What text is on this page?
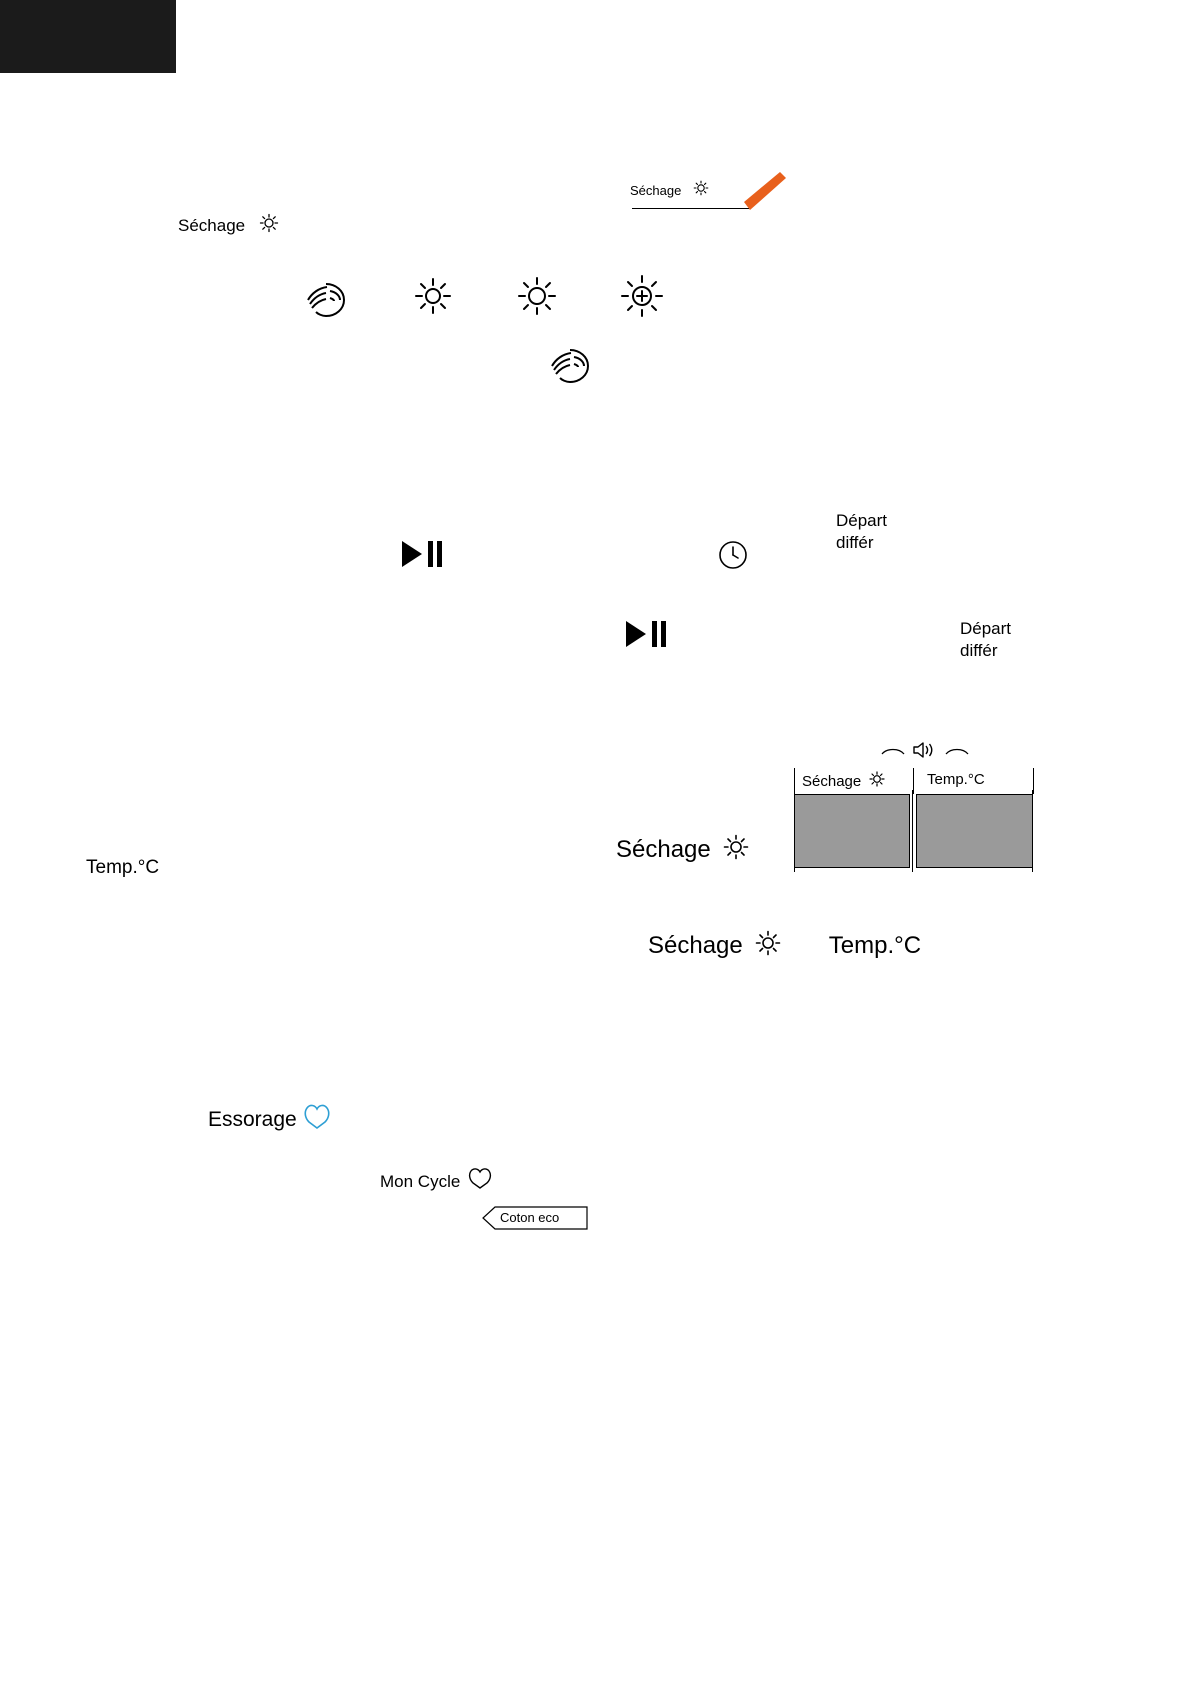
Séchage
Séchage
Départ
différ
Départ
différ
Séchage	Temp.°C
Séchage
Temp.°C
Séchage	Temp.°C
Essorage
Mon Cycle
Coton eco
